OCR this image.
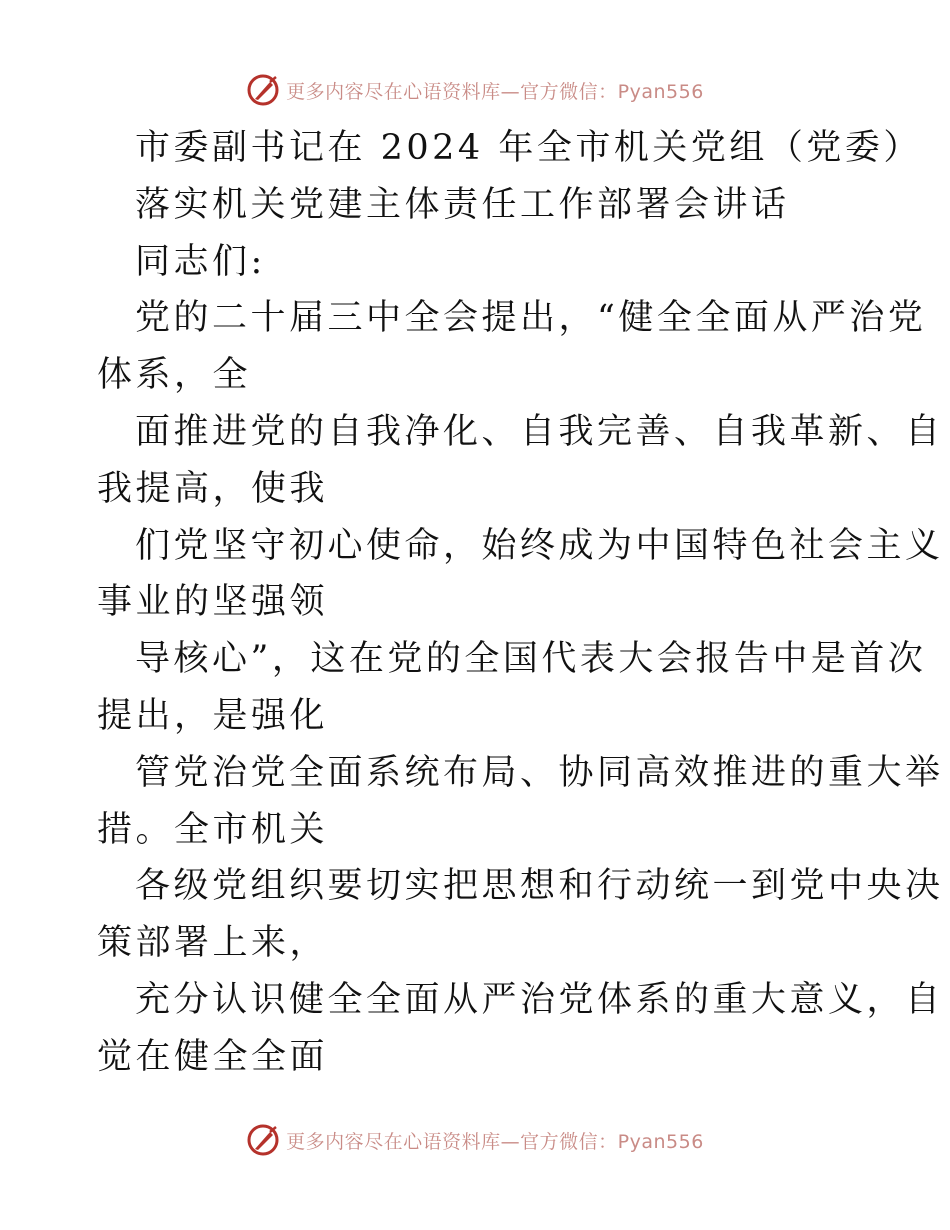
更多内容尽在心语资料库—官方微信：Pyan556
市委副书记在 2024 年全市机关党组（党委）
落实机关党建主体责任工作部署会讲话
同志们:
党的二十届三中全会提出，“健全全面从严治党
体系，全
面推进党的自我净化、自我完善、自我革新、自
我提高，使我
们党坚守初心使命，始终成为中国特色社会主义
事业的坚强领
导核心”，这在党的全国代表大会报告中是首次
提出，是强化
管党治党全面系统布局、协同高效推进的重大举
措。全市机关
各级党组织要切实把思想和行动统一到党中央决
策部署上来，
充分认识健全全面从严治党体系的重大意义，自
觉在健全全面
更多内容尽在心语资料库—官方微信：Pyan556
